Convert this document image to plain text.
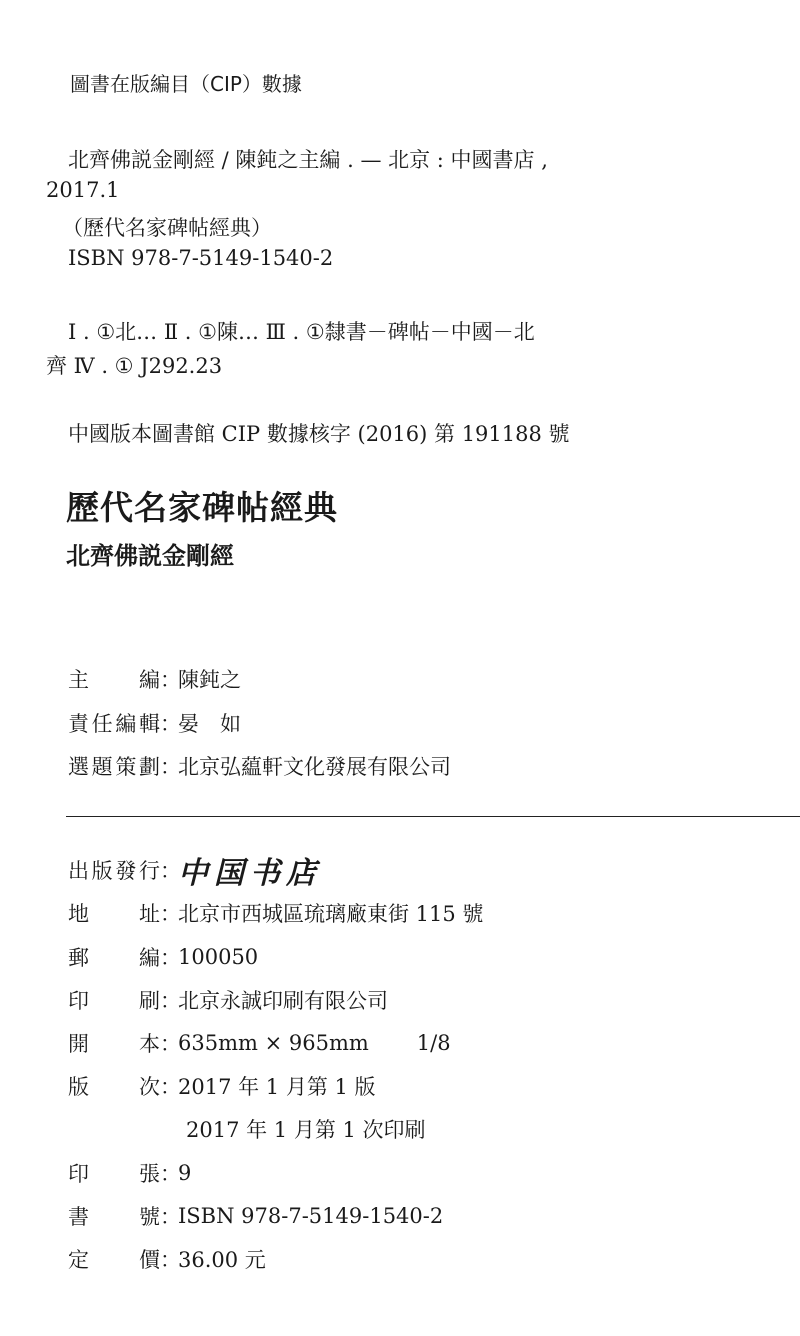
圖書在版編目（CIP）數據
北齊佛説金剛經 / 陳鈍之主編 . — 北京 : 中國書店 ,
2017.1
（歷代名家碑帖經典）
ISBN 978-7-5149-1540-2
Ⅰ . ①北… Ⅱ . ①陳… Ⅲ . ①隸書－碑帖－中國－北
齊 Ⅳ . ① J292.23
中國版本圖書館 CIP 數據核字 (2016) 第 191188 號
歷代名家碑帖經典
北齊佛説金剛經
主 編 ：
陳鈍之
責 任 編 輯 ：
晏　如
選 題 策 劃 ：
北京弘藴軒文化發展有限公司
出 版 發 行 ：
中国书店
地 址 ：
北京市西城區琉璃廠東街 115 號
郵 編 ：
100050
印 刷 ：
北京永誠印刷有限公司
開 本 ：
635mm × 965mm 1/8
版 次 ：
2017 年 1 月第 1 版
2017 年 1 月第 1 次印刷
印 張 ：
9
書 號 ：
ISBN 978-7-5149-1540-2
定 價 ：
36.00 元
